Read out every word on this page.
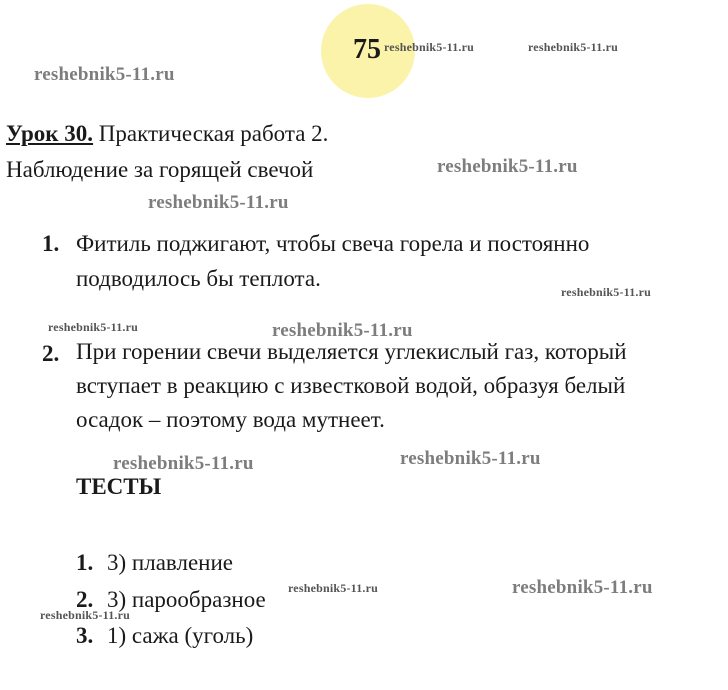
75 reshebnik5-11.ru	reshebnik5-11.ru
reshebnik5-11.ru
reshebnik5-11.ru
reshebnik5-11.ru
reshebnik5-11.ru
reshebnik5-11.ru	reshebnik5-11.ru
reshebnik5-11.ru	reshebnik5-11.ru
reshebnik5-11.ru	reshebnik5-11.ru
reshebnik5-11.ru
Урок 30. Практическая работа 2.
Наблюдение за горящей свечой
1. Фитиль поджигают, чтобы свеча горела и постоянно
подводилось бы теплота.
2. При горении свечи выделяется углекислый газ, который
вступает в реакцию с известковой водой, образуя белый
осадок – поэтому вода мутнеет.
ТЕСТЫ
1. 3) плавление
2. 3) парообразное
3. 1) сажа (уголь)
